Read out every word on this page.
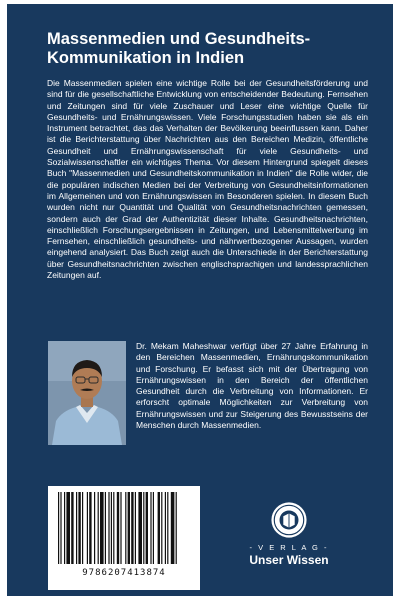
Massenmedien und Gesundheits-Kommunikation in Indien

Die Massenmedien spielen eine wichtige Rolle bei der Gesundheitsförderung und sind für die gesellschaftliche Entwicklung von entscheidender Bedeutung. Fernsehen und Zeitungen sind für viele Zuschauer und Leser eine wichtige Quelle für Gesundheits- und Ernährungswissen. Viele Forschungsstudien haben sie als ein Instrument betrachtet, das das Verhalten der Bevölkerung beeinflussen kann. Daher ist die Berichterstattung über Nachrichten aus den Bereichen Medizin, öffentliche Gesundheit und Ernährungswissenschaft für viele Gesundheits- und Sozialwissenschaftler ein wichtiges Thema. Vor diesem Hintergrund spiegelt dieses Buch "Massenmedien und Gesundheitskommunikation in Indien" die Rolle wider, die die populären indischen Medien bei der Verbreitung von Gesundheitsinformationen im Allgemeinen und von Ernährungswissen im Besonderen spielen. In diesem Buch wurden nicht nur Quantität und Qualität von Gesundheitsnachrichten gemessen, sondern auch der Grad der Authentizität dieser Inhalte. Gesundheitsnachrichten, einschließlich Forschungsergebnissen in Zeitungen, und Lebensmittelwerbung im Fernsehen, einschließlich gesundheits- und nährwertbezogener Aussagen, wurden eingehend analysiert. Das Buch zeigt auch die Unterschiede in der Berichterstattung über Gesundheitsnachrichten zwischen englischsprachigen und landessprachlichen Zeitungen auf.

Dr. Mekam Maheshwar verfügt über 27 Jahre Erfahrung in den Bereichen Massenmedien, Ernährungskommunikation und Forschung. Er befasst sich mit der Übertragung von Ernährungswissen in den Bereich der öffentlichen Gesundheit durch die Verbreitung von Informationen. Er erforscht optimale Möglichkeiten zur Verbreitung von Ernährungswissen und zur Steigerung des Bewusstseins der Menschen durch Massenmedien.

9786207413874
- V E R L A G -
Unser Wissen
